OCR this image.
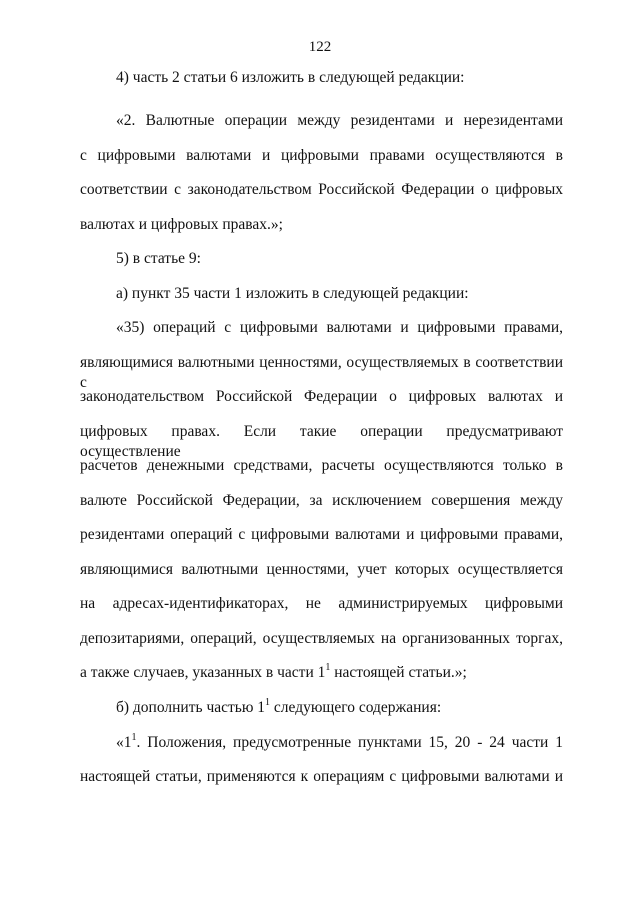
122
4) часть 2 статьи 6 изложить в следующей редакции:
«2. Валютные операции между резидентами и нерезидентами
с цифровыми валютами и цифровыми правами осуществляются в
соответствии с законодательством Российской Федерации о цифровых
валютах и цифровых правах.»;
5) в статье 9:
а) пункт 35 части 1 изложить в следующей редакции:
«35) операций с цифровыми валютами и цифровыми правами,
являющимися валютными ценностями, осуществляемых в соответствии с
законодательством Российской Федерации о цифровых валютах и
цифровых правах. Если такие операции предусматривают осуществление
расчетов денежными средствами, расчеты осуществляются только в
валюте Российской Федерации, за исключением совершения между
резидентами операций с цифровыми валютами и цифровыми правами,
являющимися валютными ценностями, учет которых осуществляется
на адресах-идентификаторах, не администрируемых цифровыми
депозитариями, операций, осуществляемых на организованных торгах,
а также случаев, указанных в части $1^1$ настоящей статьи.»;
б) дополнить частью $1^1$ следующего содержания:
«$1^1$. Положения, предусмотренные пунктами 15, 20 - 24 части 1
настоящей статьи, применяются к операциям с цифровыми валютами и
